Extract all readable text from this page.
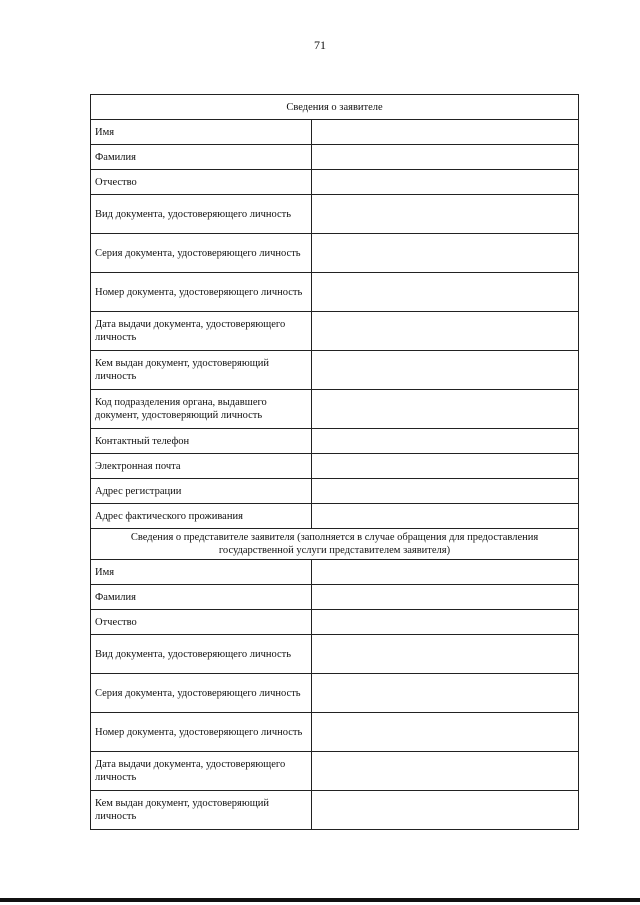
71
Сведения о заявителе	
Имя	
Фамилия	
Отчество	
Вид документа, удостоверяющего личность	
Серия документа, удостоверяющего личность	
Номер документа, удостоверяющего личность	
Дата выдачи документа, удостоверяющего личность	
Кем выдан документ, удостоверяющий личность	
Код подразделения органа, выдавшего документ, удостоверяющий личность	
Контактный телефон	
Электронная почта	
Адрес регистрации	
Адрес фактического проживания	
Сведения о представителе заявителя (заполняется в случае обращения для предоставления государственной услуги представителем заявителя)	
Имя	
Фамилия	
Отчество	
Вид документа, удостоверяющего личность	
Серия документа, удостоверяющего личность	
Номер документа, удостоверяющего личность	
Дата выдачи документа, удостоверяющего личность	
Кем выдан документ, удостоверяющий личность	
